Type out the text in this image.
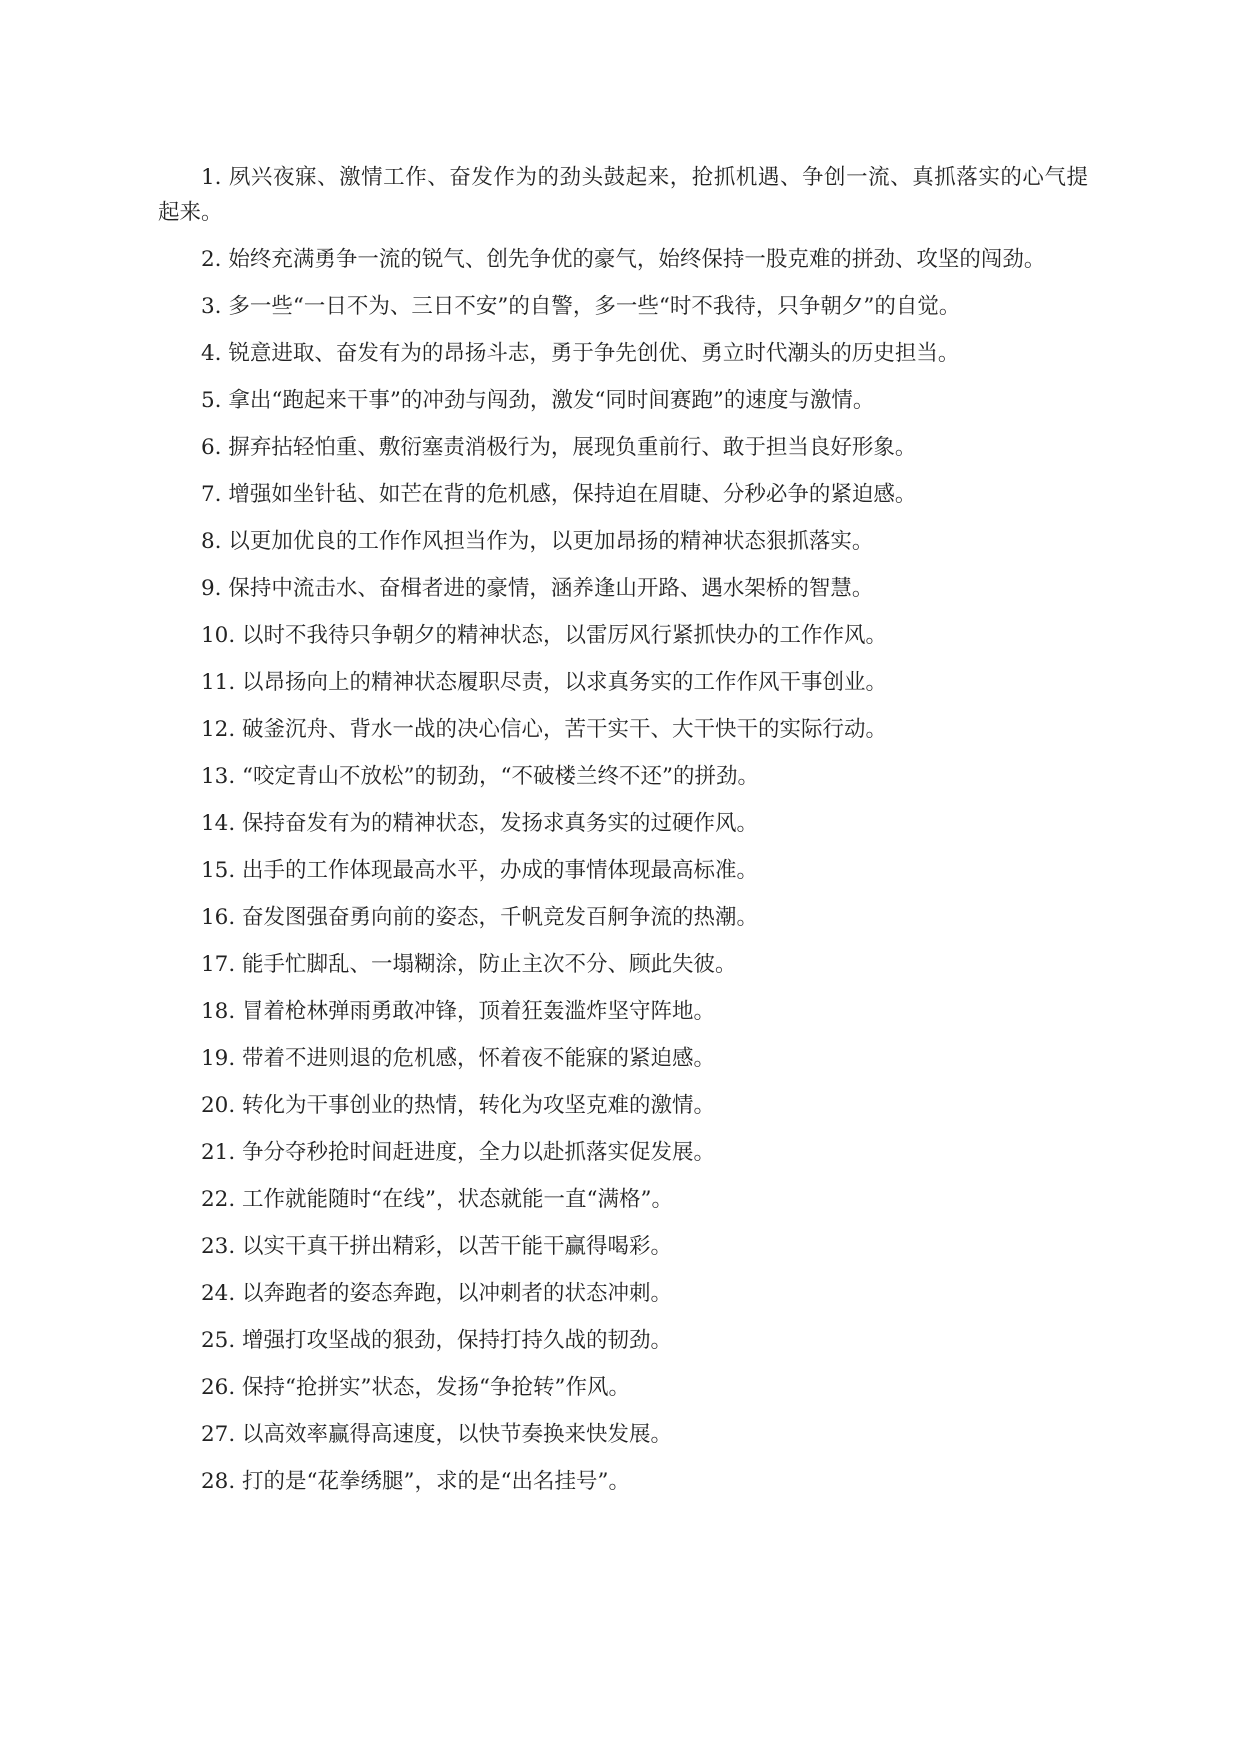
1. 夙兴夜寐、激情工作、奋发作为的劲头鼓起来，抢抓机遇、争创一流、真抓落实的心气提起来。

2. 始终充满勇争一流的锐气、创先争优的豪气，始终保持一股克难的拼劲、攻坚的闯劲。

3. 多一些“一日不为、三日不安”的自警，多一些“时不我待，只争朝夕”的自觉。

4. 锐意进取、奋发有为的昂扬斗志，勇于争先创优、勇立时代潮头的历史担当。

5. 拿出“跑起来干事”的冲劲与闯劲，激发“同时间赛跑”的速度与激情。

6. 摒弃拈轻怕重、敷衍塞责消极行为，展现负重前行、敢于担当良好形象。

7. 增强如坐针毡、如芒在背的危机感，保持迫在眉睫、分秒必争的紧迫感。

8. 以更加优良的工作作风担当作为，以更加昂扬的精神状态狠抓落实。

9. 保持中流击水、奋楫者进的豪情，涵养逢山开路、遇水架桥的智慧。

10. 以时不我待只争朝夕的精神状态，以雷厉风行紧抓快办的工作作风。

11. 以昂扬向上的精神状态履职尽责，以求真务实的工作作风干事创业。

12. 破釜沉舟、背水一战的决心信心，苦干实干、大干快干的实际行动。

13. “咬定青山不放松”的韧劲，“不破楼兰终不还”的拼劲。

14. 保持奋发有为的精神状态，发扬求真务实的过硬作风。

15. 出手的工作体现最高水平，办成的事情体现最高标准。

16. 奋发图强奋勇向前的姿态，千帆竞发百舸争流的热潮。

17. 能手忙脚乱、一塌糊涂，防止主次不分、顾此失彼。

18. 冒着枪林弹雨勇敢冲锋，顶着狂轰滥炸坚守阵地。

19. 带着不进则退的危机感，怀着夜不能寐的紧迫感。

20. 转化为干事创业的热情，转化为攻坚克难的激情。

21. 争分夺秒抢时间赶进度，全力以赴抓落实促发展。

22. 工作就能随时“在线”，状态就能一直“满格”。

23. 以实干真干拼出精彩，以苦干能干赢得喝彩。

24. 以奔跑者的姿态奔跑，以冲刺者的状态冲刺。

25. 增强打攻坚战的狠劲，保持打持久战的韧劲。

26. 保持“抢拼实”状态，发扬“争抢转”作风。

27. 以高效率赢得高速度，以快节奏换来快发展。

28. 打的是“花拳绣腿”，求的是“出名挂号”。
